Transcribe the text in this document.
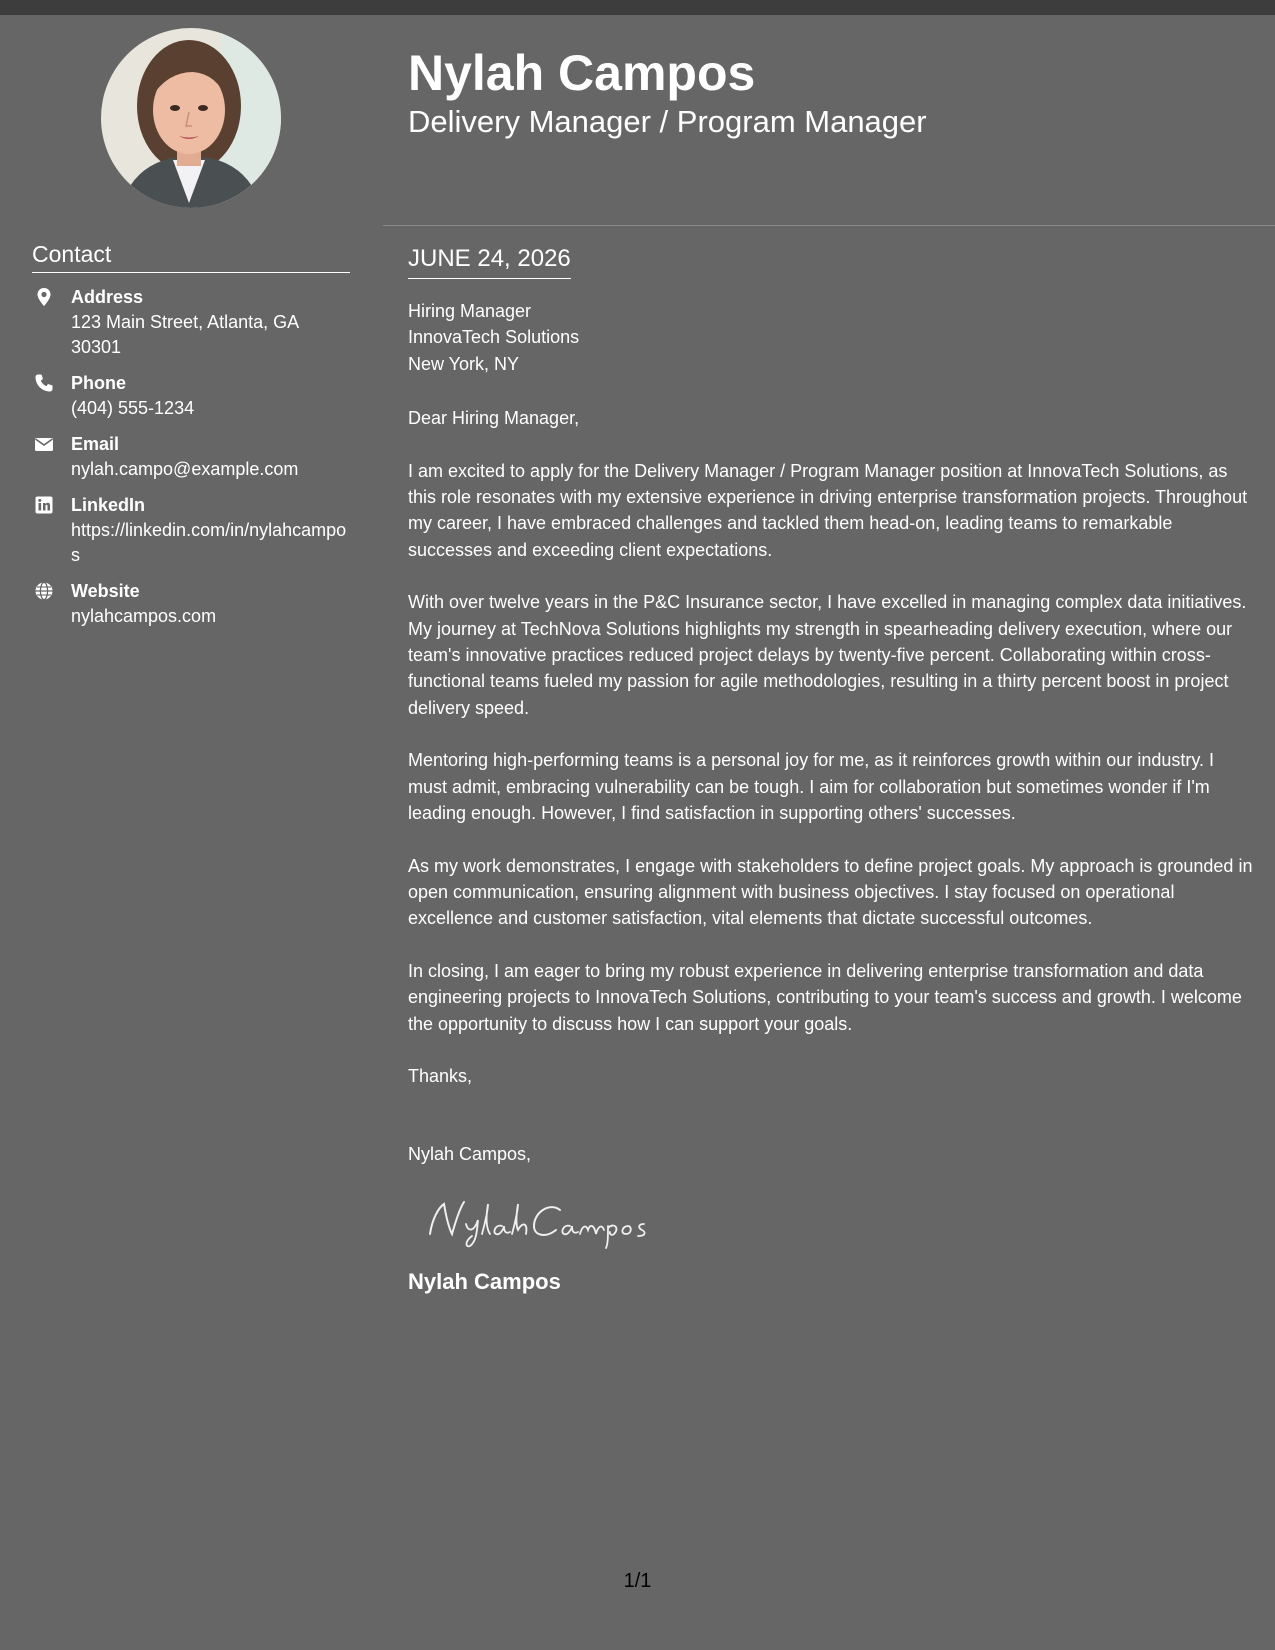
Contact
Address
123 Main Street, Atlanta, GA 30301
Phone
(404) 555-1234
Email
nylah.campo@example.com
LinkedIn
https://linkedin.com/in/nylahcampos
Website
nylahcampos.com
Nylah Campos
Delivery Manager / Program Manager
JUNE 24, 2026
Hiring Manager
InnovaTech Solutions
New York, NY
Dear Hiring Manager,
I am excited to apply for the Delivery Manager / Program Manager position at InnovaTech Solutions, as this role resonates with my extensive experience in driving enterprise transformation projects. Throughout my career, I have embraced challenges and tackled them head-on, leading teams to remarkable successes and exceeding client expectations.
With over twelve years in the P&C Insurance sector, I have excelled in managing complex data initiatives. My journey at TechNova Solutions highlights my strength in spearheading delivery execution, where our team's innovative practices reduced project delays by twenty-five percent. Collaborating within cross-functional teams fueled my passion for agile methodologies, resulting in a thirty percent boost in project delivery speed.
Mentoring high-performing teams is a personal joy for me, as it reinforces growth within our industry. I must admit, embracing vulnerability can be tough. I aim for collaboration but sometimes wonder if I'm leading enough. However, I find satisfaction in supporting others' successes.
As my work demonstrates, I engage with stakeholders to define project goals. My approach is grounded in open communication, ensuring alignment with business objectives. I stay focused on operational excellence and customer satisfaction, vital elements that dictate successful outcomes.
In closing, I am eager to bring my robust experience in delivering enterprise transformation and data engineering projects to InnovaTech Solutions, contributing to your team's success and growth. I welcome the opportunity to discuss how I can support your goals.
Thanks,
Nylah Campos,
Nylah Campos
1/1
